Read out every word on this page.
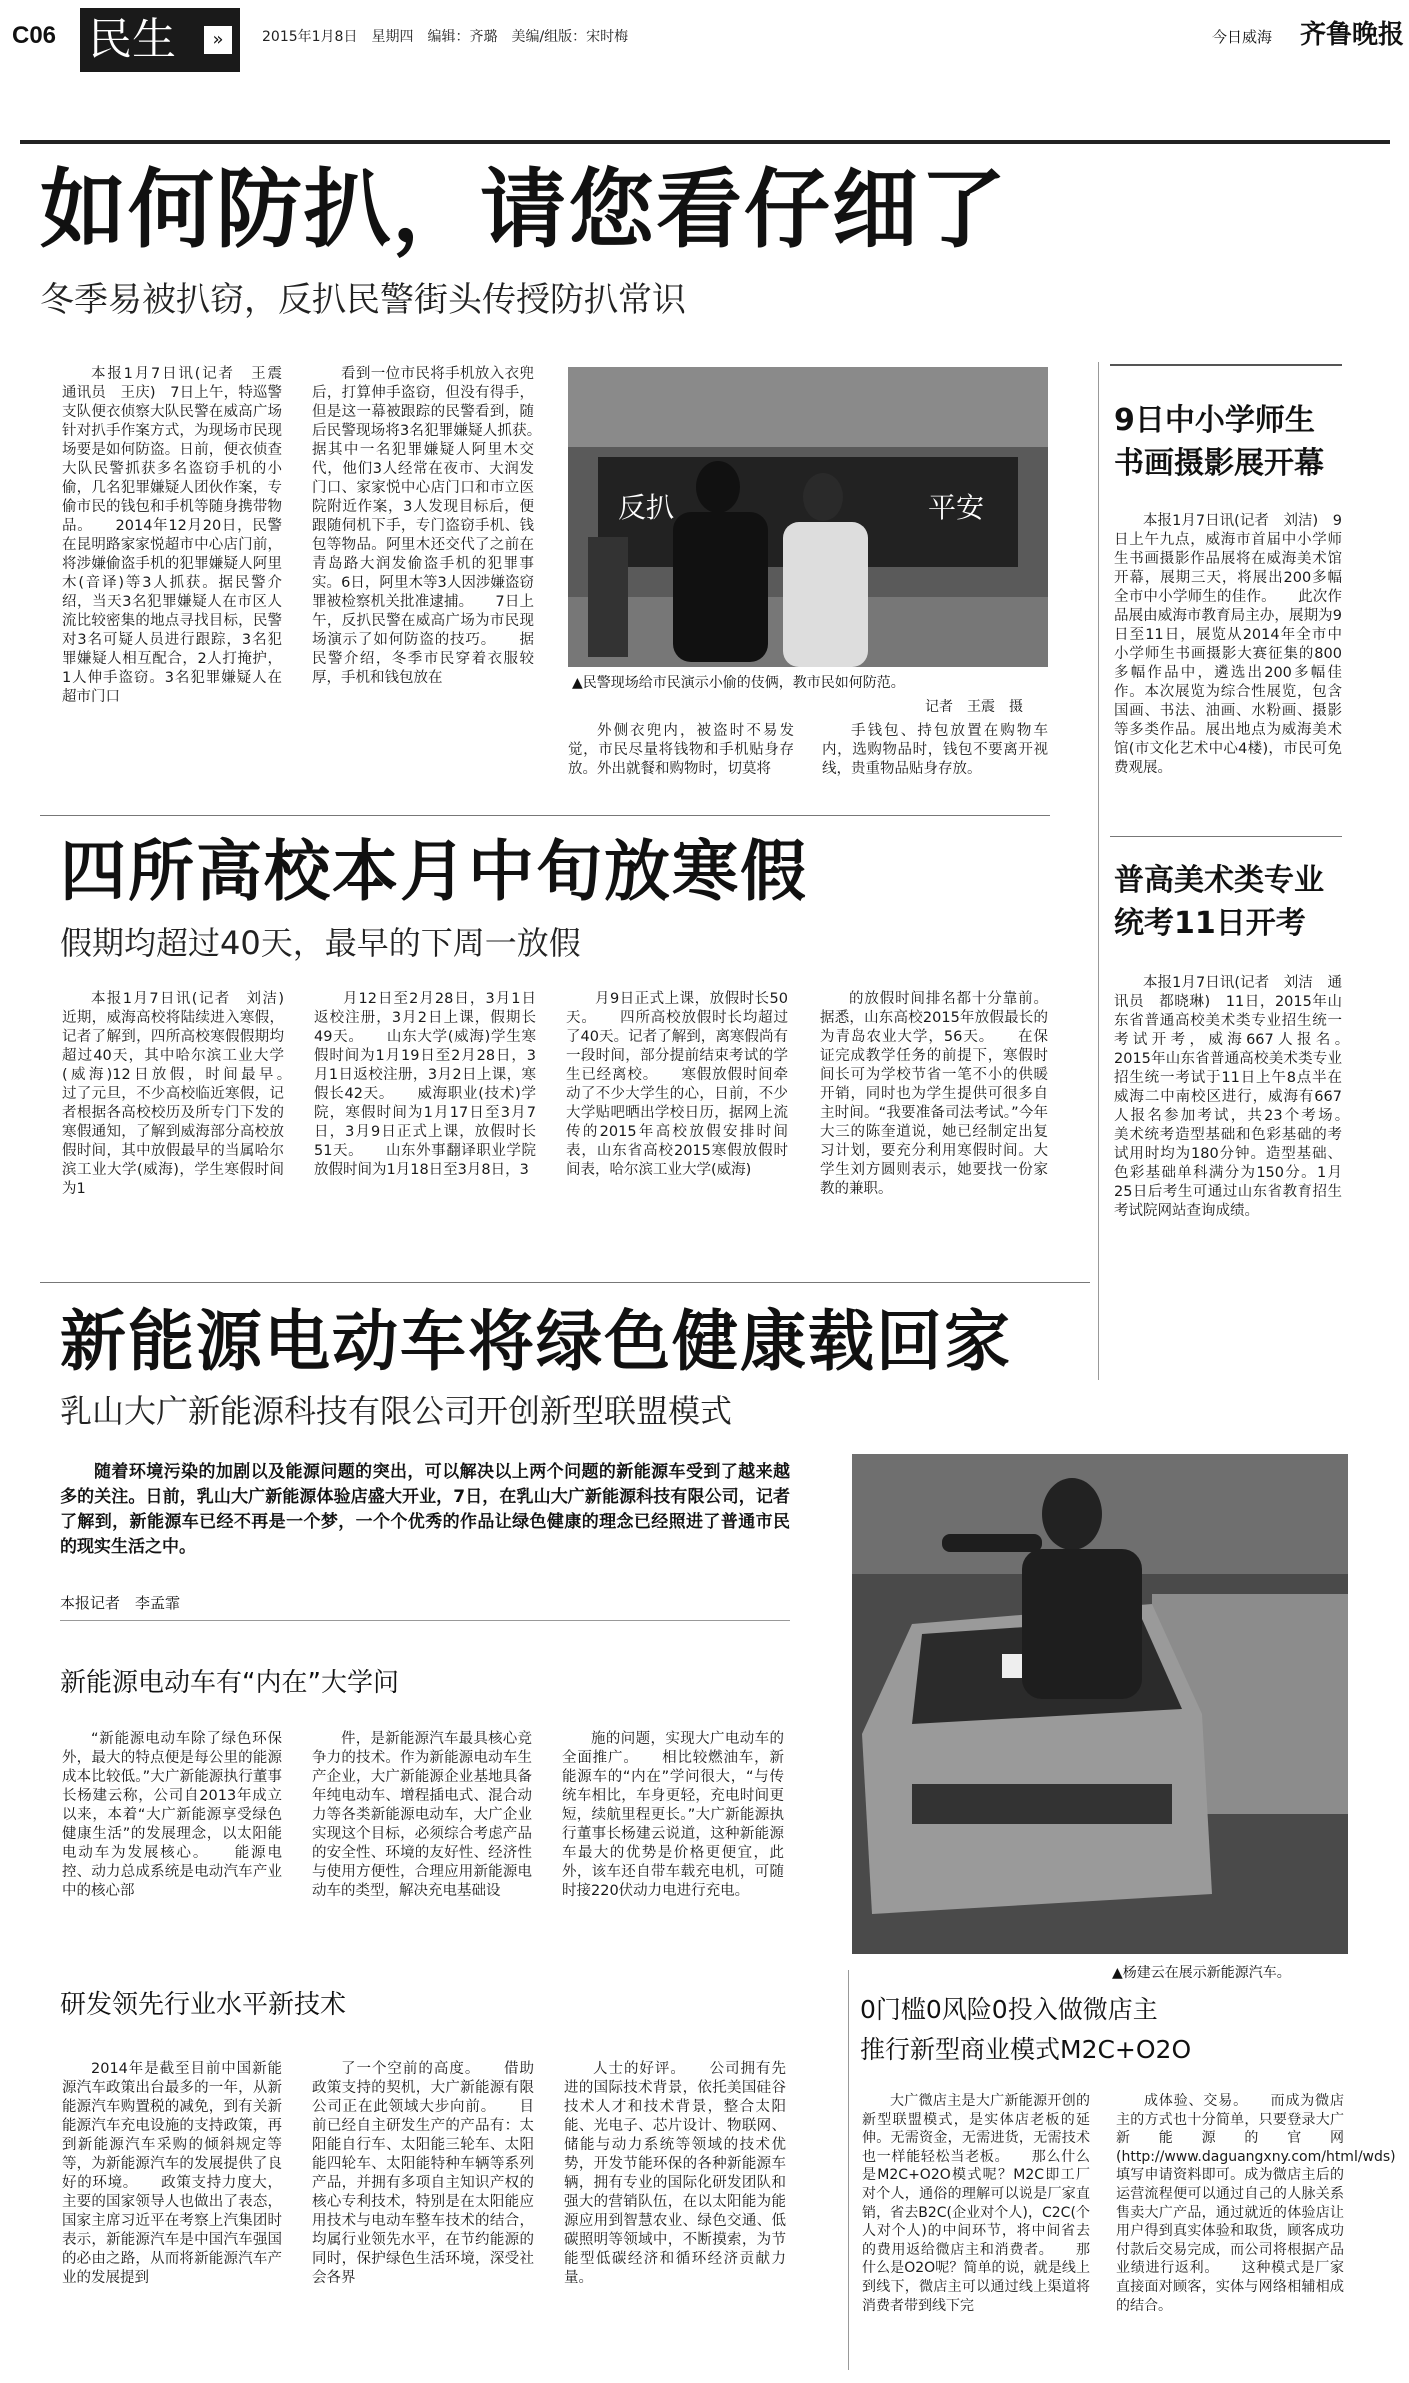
C06 民生	»	2015年1月8日　星期四　编辑：齐璐　美编/组版：宋时梅	今日威海 齐鲁晚报
如何防扒，请您看仔细了
冬季易被扒窃，反扒民警街头传授防扒常识

本报1月7日讯(记者　王震　通讯员　王庆)　7日上午，特巡警支队便衣侦察大队民警在威高广场针对扒手作案方式，为现场市民现场要是如何防盗。日前，便衣侦查大队民警抓获多名盗窃手机的小偷，几名犯罪嫌疑人团伙作案，专偷市民的钱包和手机等随身携带物品。　　2014年12月20日，民警在昆明路家家悦超市中心店门前，将涉嫌偷盗手机的犯罪嫌疑人阿里木(音译)等3人抓获。据民警介绍，当天3名犯罪嫌疑人在市区人流比较密集的地点寻找目标，民警对3名可疑人员进行跟踪，3名犯罪嫌疑人相互配合，2人打掩护，1人伸手盗窃。3名犯罪嫌疑人在超市门口

看到一位市民将手机放入衣兜后，打算伸手盗窃，但没有得手，但是这一幕被跟踪的民警看到，随后民警现场将3名犯罪嫌疑人抓获。　　据其中一名犯罪嫌疑人阿里木交代，他们3人经常在夜市、大润发门口、家家悦中心店门口和市立医院附近作案，3人发现目标后，便跟随伺机下手，专门盗窃手机、钱包等物品。阿里木还交代了之前在青岛路大润发偷盗手机的犯罪事实。6日，阿里木等3人因涉嫌盗窃罪被检察机关批准逮捕。　　7日上午，反扒民警在威高广场为市民现场演示了如何防盗的技巧。　　据民警介绍，冬季市民穿着衣服较厚，手机和钱包放在

反扒	平安
▲民警现场给市民演示小偷的伎俩，教市民如何防范。
记者　王震　摄

外侧衣兜内，被盗时不易发觉，市民尽量将钱物和手机贴身存放。外出就餐和购物时，切莫将

手钱包、持包放置在购物车内，选购物品时，钱包不要离开视线，贵重物品贴身存放。

9日中小学师生
书画摄影展开幕

本报1月7日讯(记者　刘洁)　9日上午九点，威海市首届中小学师生书画摄影作品展将在威海美术馆开幕，展期三天，将展出200多幅全市中小学师生的佳作。　　此次作品展由威海市教育局主办，展期为9日至11日，展览从2014年全市中小学师生书画摄影大赛征集的800多幅作品中，遴选出200多幅佳作。本次展览为综合性展览，包含国画、书法、油画、水粉画、摄影等多类作品。展出地点为威海美术馆(市文化艺术中心4楼)，市民可免费观展。

普高美术类专业
统考11日开考

本报1月7日讯(记者　刘洁　通讯员　都晓琳)　11日，2015年山东省普通高校美术类专业招生统一考试开考，威海667人报名。　　2015年山东省普通高校美术类专业招生统一考试于11日上午8点半在威海二中南校区进行，威海有667人报名参加考试，共23个考场。　　美术统考造型基础和色彩基础的考试用时均为180分钟。造型基础、色彩基础单科满分为150分。1月25日后考生可通过山东省教育招生考试院网站查询成绩。

四所高校本月中旬放寒假
假期均超过40天，最早的下周一放假

本报1月7日讯(记者　刘洁)　近期，威海高校将陆续进入寒假，记者了解到，四所高校寒假假期均超过40天，其中哈尔滨工业大学(威海)12日放假，时间最早。　　过了元旦，不少高校临近寒假，记者根据各高校校历及所专门下发的寒假通知，了解到威海部分高校放假时间，其中放假最早的当属哈尔滨工业大学(威海)，学生寒假时间为1

月12日至2月28日，3月1日返校注册，3月2日上课，假期长49天。　　山东大学(威海)学生寒假时间为1月19日至2月28日，3月1日返校注册，3月2日上课，寒假长42天。　　威海职业(技术)学院，寒假时间为1月17日至3月7日，3月9日正式上课，放假时长51天。　　山东外事翻译职业学院放假时间为1月18日至3月8日，3

月9日正式上课，放假时长50天。　　四所高校放假时长均超过了40天。记者了解到，离寒假尚有一段时间，部分提前结束考试的学生已经离校。　　寒假放假时间牵动了不少大学生的心，日前，不少大学贴吧晒出学校日历，据网上流传的2015年高校放假安排时间表，山东省高校2015寒假放假时间表，哈尔滨工业大学(威海)

的放假时间排名都十分靠前。据悉，山东高校2015年放假最长的为青岛农业大学，56天。　　在保证完成教学任务的前提下，寒假时间长可为学校节省一笔不小的供暖开销，同时也为学生提供可很多自主时间。“我要准备司法考试。”今年大三的陈奎道说，她已经制定出复习计划，要充分利用寒假时间。大学生刘方圆则表示，她要找一份家教的兼职。

新能源电动车将绿色健康载回家
乳山大广新能源科技有限公司开创新型联盟模式
随着环境污染的加剧以及能源问题的突出，可以解决以上两个问题的新能源车受到了越来越多的关注。日前，乳山大广新能源体验店盛大开业，7日，在乳山大广新能源科技有限公司，记者了解到，新能源车已经不再是一个梦，一个个优秀的作品让绿色健康的理念已经照进了普通市民的现实生活之中。
本报记者　李孟霏
新能源电动车有“内在”大学问

“新能源电动车除了绿色环保外，最大的特点便是每公里的能源成本比较低。”大广新能源执行董事长杨建云称，公司自2013年成立以来，本着“大广新能源享受绿色健康生活”的发展理念，以太阳能电动车为发展核心。　　能源电控、动力总成系统是电动汽车产业中的核心部

件，是新能源汽车最具核心竞争力的技术。作为新能源电动车生产企业，大广新能源企业基地具备年纯电动车、增程插电式、混合动力等各类新能源电动车，大广企业实现这个目标，必须综合考虑产品的安全性、环境的友好性、经济性与使用方便性，合理应用新能源电动车的类型，解决充电基础设

施的问题，实现大广电动车的全面推广。　　相比较燃油车，新能源车的“内在”学问很大，“与传统车相比，车身更轻，充电时间更短，续航里程更长。”大广新能源执行董事长杨建云说道，这种新能源车最大的优势是价格更便宜，此外，该车还自带车载充电机，可随时接220伏动力电进行充电。

▲杨建云在展示新能源汽车。
研发领先行业水平新技术

2014年是截至目前中国新能源汽车政策出台最多的一年，从新能源汽车购置税的减免，到有关新能源汽车充电设施的支持政策，再到新能源汽车采购的倾斜规定等等，为新能源汽车的发展提供了良好的环境。　　政策支持力度大，主要的国家领导人也做出了表态，国家主席习近平在考察上汽集团时表示，新能源汽车是中国汽车强国的必由之路，从而将新能源汽车产业的发展提到

了一个空前的高度。　　借助政策支持的契机，大广新能源有限公司正在此领域大步向前。　　目前已经自主研发生产的产品有：太阳能自行车、太阳能三轮车、太阳能四轮车、太阳能特种车辆等系列产品，并拥有多项自主知识产权的核心专利技术，特别是在太阳能应用技术与电动车整车技术的结合，均属行业领先水平，在节约能源的同时，保护绿色生活环境，深受社会各界

人士的好评。　　公司拥有先进的国际技术背景，依托美国硅谷技术人才和技术背景，整合太阳能、光电子、芯片设计、物联网、储能与动力系统等领域的技术优势，开发节能环保的各种新能源车辆，拥有专业的国际化研发团队和强大的营销队伍，在以太阳能为能源应用到智慧农业、绿色交通、低碳照明等领域中，不断摸索，为节能型低碳经济和循环经济贡献力量。

0门槛0风险0投入做微店主
推行新型商业模式M2C+O2O

大广微店主是大广新能源开创的新型联盟模式，是实体店老板的延伸。无需资金，无需进货，无需技术也一样能轻松当老板。　　那么什么是M2C+O2O模式呢？M2C即工厂对个人，通俗的理解可以说是厂家直销，省去B2C(企业对个人)，C2C(个人对个人)的中间环节，将中间省去的费用返给微店主和消费者。　　那什么是O2O呢？简单的说，就是线上到线下，微店主可以通过线上渠道将消费者带到线下完

成体验、交易。　　而成为微店主的方式也十分简单，只要登录大广新能源的官网(http://www.daguangxny.com/html/wds)填写申请资料即可。成为微店主后的运营流程便可以通过自己的人脉关系售卖大广产品，通过就近的体验店让用户得到真实体验和取货，顾客成功付款后交易完成，而公司将根据产品业绩进行返利。　　这种模式是厂家直接面对顾客，实体与网络相辅相成的结合。
